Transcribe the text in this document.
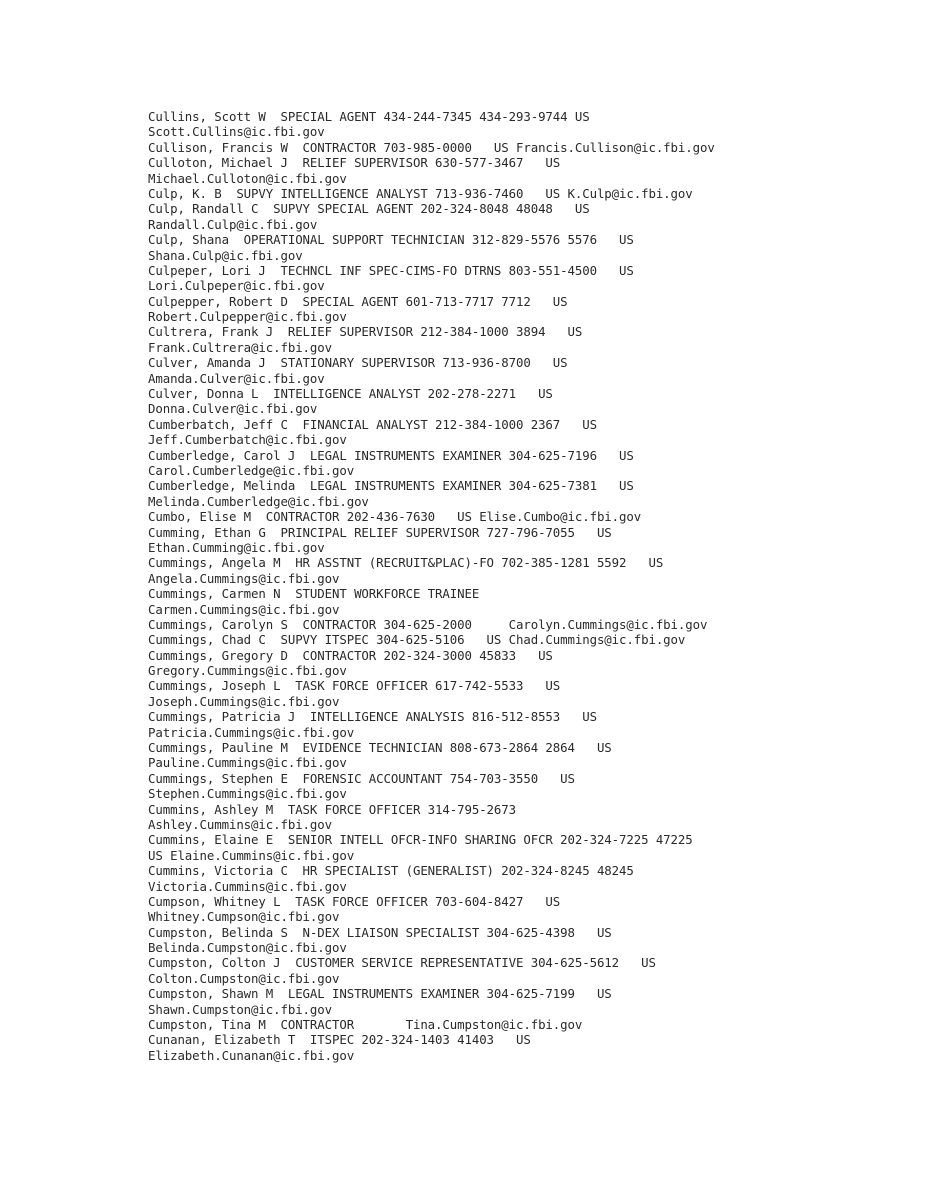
Cullins, Scott W  SPECIAL AGENT 434-244-7345 434-293-9744 US
Scott.Cullins@ic.fbi.gov
Cullison, Francis W  CONTRACTOR 703-985-0000   US Francis.Cullison@ic.fbi.gov
Culloton, Michael J  RELIEF SUPERVISOR 630-577-3467   US
Michael.Culloton@ic.fbi.gov
Culp, K. B  SUPVY INTELLIGENCE ANALYST 713-936-7460   US K.Culp@ic.fbi.gov
Culp, Randall C  SUPVY SPECIAL AGENT 202-324-8048 48048   US
Randall.Culp@ic.fbi.gov
Culp, Shana  OPERATIONAL SUPPORT TECHNICIAN 312-829-5576 5576   US
Shana.Culp@ic.fbi.gov
Culpeper, Lori J  TECHNCL INF SPEC-CIMS-FO DTRNS 803-551-4500   US
Lori.Culpeper@ic.fbi.gov
Culpepper, Robert D  SPECIAL AGENT 601-713-7717 7712   US
Robert.Culpepper@ic.fbi.gov
Cultrera, Frank J  RELIEF SUPERVISOR 212-384-1000 3894   US
Frank.Cultrera@ic.fbi.gov
Culver, Amanda J  STATIONARY SUPERVISOR 713-936-8700   US
Amanda.Culver@ic.fbi.gov
Culver, Donna L  INTELLIGENCE ANALYST 202-278-2271   US
Donna.Culver@ic.fbi.gov
Cumberbatch, Jeff C  FINANCIAL ANALYST 212-384-1000 2367   US
Jeff.Cumberbatch@ic.fbi.gov
Cumberledge, Carol J  LEGAL INSTRUMENTS EXAMINER 304-625-7196   US
Carol.Cumberledge@ic.fbi.gov
Cumberledge, Melinda  LEGAL INSTRUMENTS EXAMINER 304-625-7381   US
Melinda.Cumberledge@ic.fbi.gov
Cumbo, Elise M  CONTRACTOR 202-436-7630   US Elise.Cumbo@ic.fbi.gov
Cumming, Ethan G  PRINCIPAL RELIEF SUPERVISOR 727-796-7055   US
Ethan.Cumming@ic.fbi.gov
Cummings, Angela M  HR ASSTNT (RECRUIT&PLAC)-FO 702-385-1281 5592   US
Angela.Cummings@ic.fbi.gov
Cummings, Carmen N  STUDENT WORKFORCE TRAINEE
Carmen.Cummings@ic.fbi.gov
Cummings, Carolyn S  CONTRACTOR 304-625-2000     Carolyn.Cummings@ic.fbi.gov
Cummings, Chad C  SUPVY ITSPEC 304-625-5106   US Chad.Cummings@ic.fbi.gov
Cummings, Gregory D  CONTRACTOR 202-324-3000 45833   US
Gregory.Cummings@ic.fbi.gov
Cummings, Joseph L  TASK FORCE OFFICER 617-742-5533   US
Joseph.Cummings@ic.fbi.gov
Cummings, Patricia J  INTELLIGENCE ANALYSIS 816-512-8553   US
Patricia.Cummings@ic.fbi.gov
Cummings, Pauline M  EVIDENCE TECHNICIAN 808-673-2864 2864   US
Pauline.Cummings@ic.fbi.gov
Cummings, Stephen E  FORENSIC ACCOUNTANT 754-703-3550   US
Stephen.Cummings@ic.fbi.gov
Cummins, Ashley M  TASK FORCE OFFICER 314-795-2673
Ashley.Cummins@ic.fbi.gov
Cummins, Elaine E  SENIOR INTELL OFCR-INFO SHARING OFCR 202-324-7225 47225
US Elaine.Cummins@ic.fbi.gov
Cummins, Victoria C  HR SPECIALIST (GENERALIST) 202-324-8245 48245
Victoria.Cummins@ic.fbi.gov
Cumpson, Whitney L  TASK FORCE OFFICER 703-604-8427   US
Whitney.Cumpson@ic.fbi.gov
Cumpston, Belinda S  N-DEX LIAISON SPECIALIST 304-625-4398   US
Belinda.Cumpston@ic.fbi.gov
Cumpston, Colton J  CUSTOMER SERVICE REPRESENTATIVE 304-625-5612   US
Colton.Cumpston@ic.fbi.gov
Cumpston, Shawn M  LEGAL INSTRUMENTS EXAMINER 304-625-7199   US
Shawn.Cumpston@ic.fbi.gov
Cumpston, Tina M  CONTRACTOR       Tina.Cumpston@ic.fbi.gov
Cunanan, Elizabeth T  ITSPEC 202-324-1403 41403   US
Elizabeth.Cunanan@ic.fbi.gov
